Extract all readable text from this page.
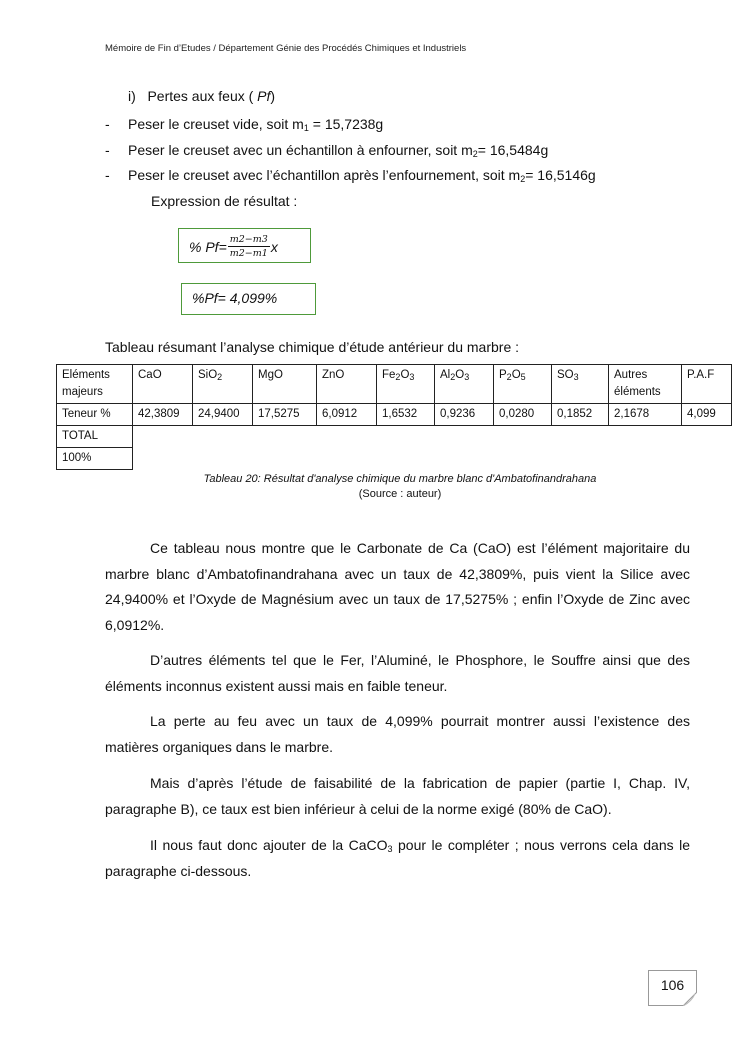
Mémoire de Fin d’Etudes / Département Génie des Procédés Chimiques et Industriels
i) Pertes aux feux ( Pf)
- Peser le creuset vide, soit $m_1 = 15,7238g$
- Peser le creuset avec un échantillon à enfourner, soit $m_2= 16,5484g$
- Peser le creuset avec l’échantillon après l’enfournement, soit $m_2= 16,5146g$
Expression de résultat :
% $Pf= \frac{m2-m3}{m2-m1}$ x
%Pf= 4,099%
Tableau résumant l’analyse chimique d’étude antérieur du marbre :
Eléments majeurs	CaO	SiO$_2$	MgO	ZnO	$Fe_2O_3$	$Al_2O_3$	$P_2O_5$	$SO_3$	Autres éléments	P.A.F
Teneur %	42,3809	24,9400	17,5275	6,0912	1,6532	0,9236	0,0280	0,1852	2,1678	4,099
TOTAL										
100%										
Tableau 20: Résultat d'analyse chimique du marbre blanc d'Ambatofinandrahana
(Source : auteur)
Ce tableau nous montre que le Carbonate de Ca (CaO) est l’élément majoritaire du marbre blanc d’Ambatofinandrahana avec un taux de 42,3809%, puis vient la Silice avec 24,9400% et l’Oxyde de Magnésium avec un taux de 17,5275% ; enfin l’Oxyde de Zinc avec 6,0912%.
D’autres éléments tel que le Fer, l’Aluminé, le Phosphore, le Souffre ainsi que des éléments inconnus existent aussi mais en faible teneur.
La perte au feu avec un taux de 4,099% pourrait montrer aussi l’existence des matières organiques dans le marbre.
Mais d’après l’étude de faisabilité de la fabrication de papier (partie I, Chap. IV, paragraphe B), ce taux est bien inférieur à celui de la norme exigé (80% de CaO).
Il nous faut donc ajouter de la CaCO$_3$ pour le compléter ; nous verrons cela dans le paragraphe ci-dessous.
106
